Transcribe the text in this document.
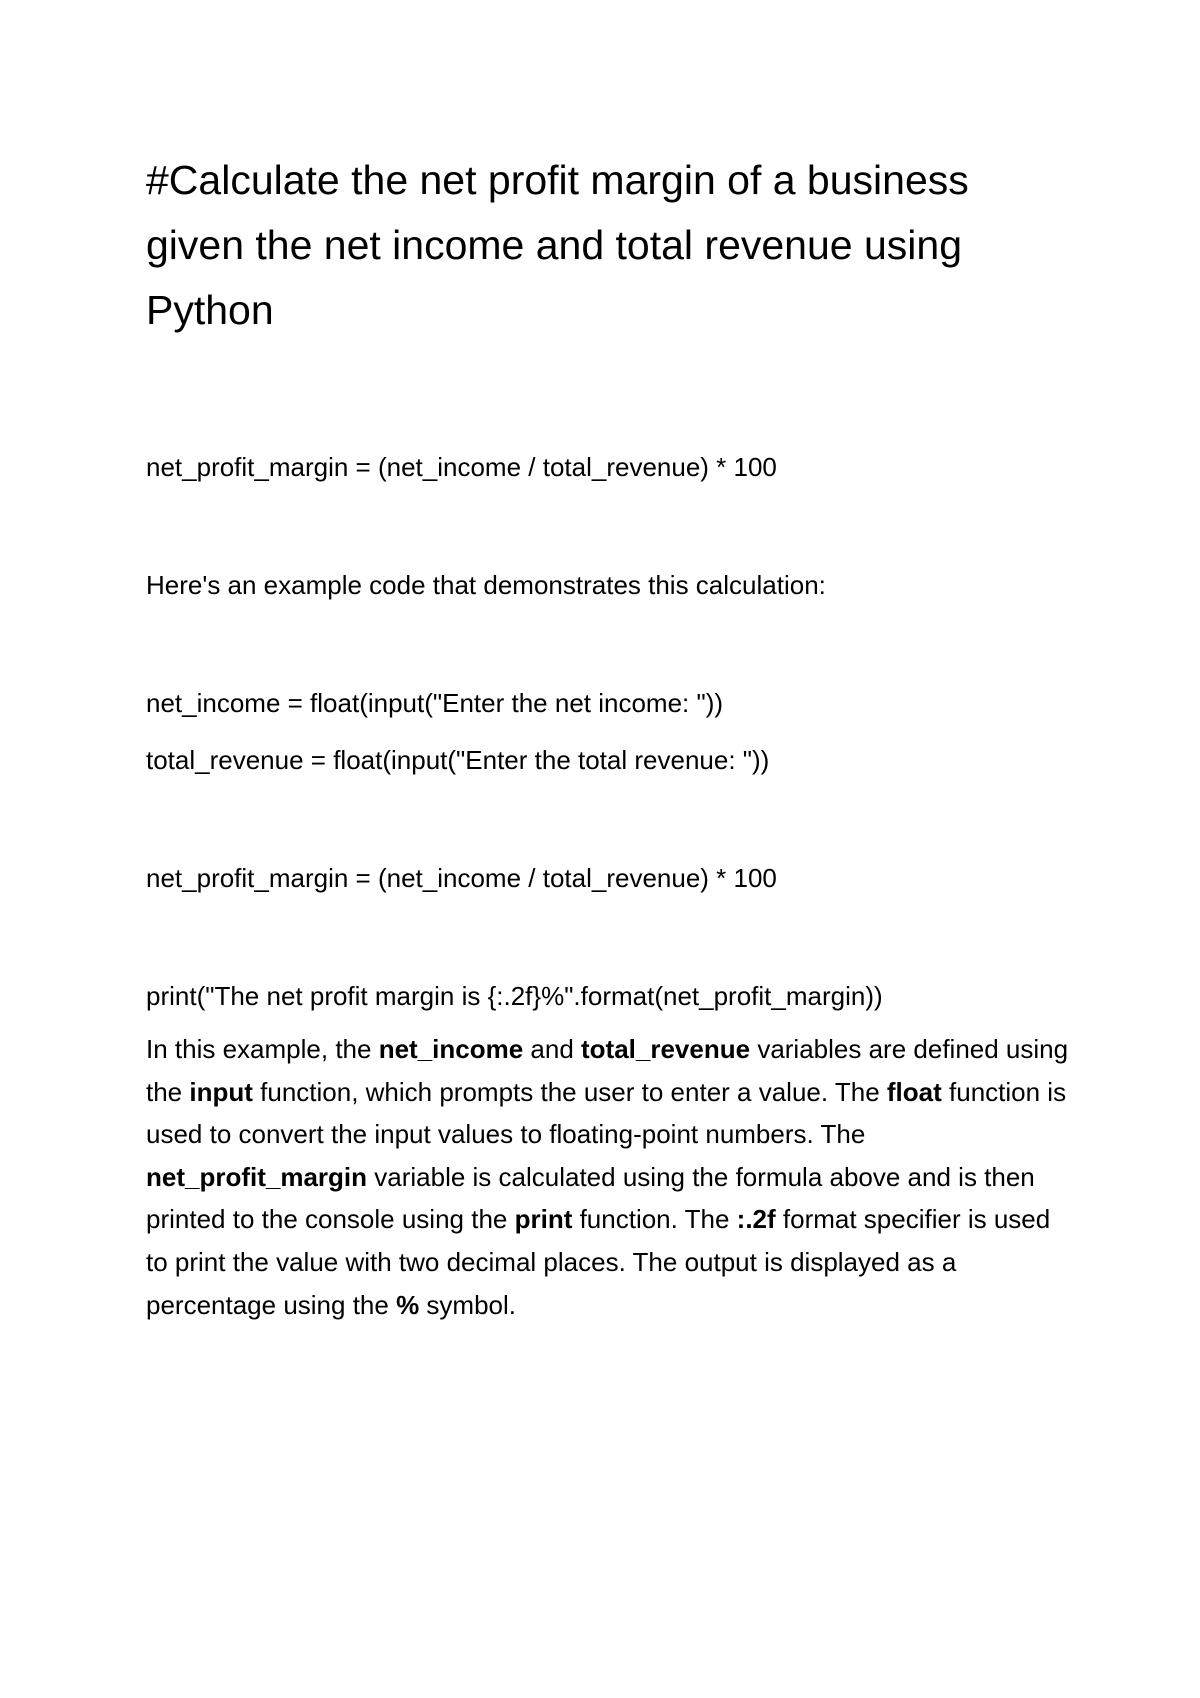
#Calculate the net profit margin of a business given the net income and total revenue using Python

net_profit_margin = (net_income / total_revenue) * 100

Here's an example code that demonstrates this calculation:

net_income = float(input("Enter the net income: "))

total_revenue = float(input("Enter the total revenue: "))

net_profit_margin = (net_income / total_revenue) * 100

print("The net profit margin is {:.2f}%".format(net_profit_margin))

In this example, the net_income and total_revenue variables are defined using the input function, which prompts the user to enter a value. The float function is used to convert the input values to floating-point numbers. The net_profit_margin variable is calculated using the formula above and is then printed to the console using the print function. The :.2f format specifier is used to print the value with two decimal places. The output is displayed as a percentage using the % symbol.
